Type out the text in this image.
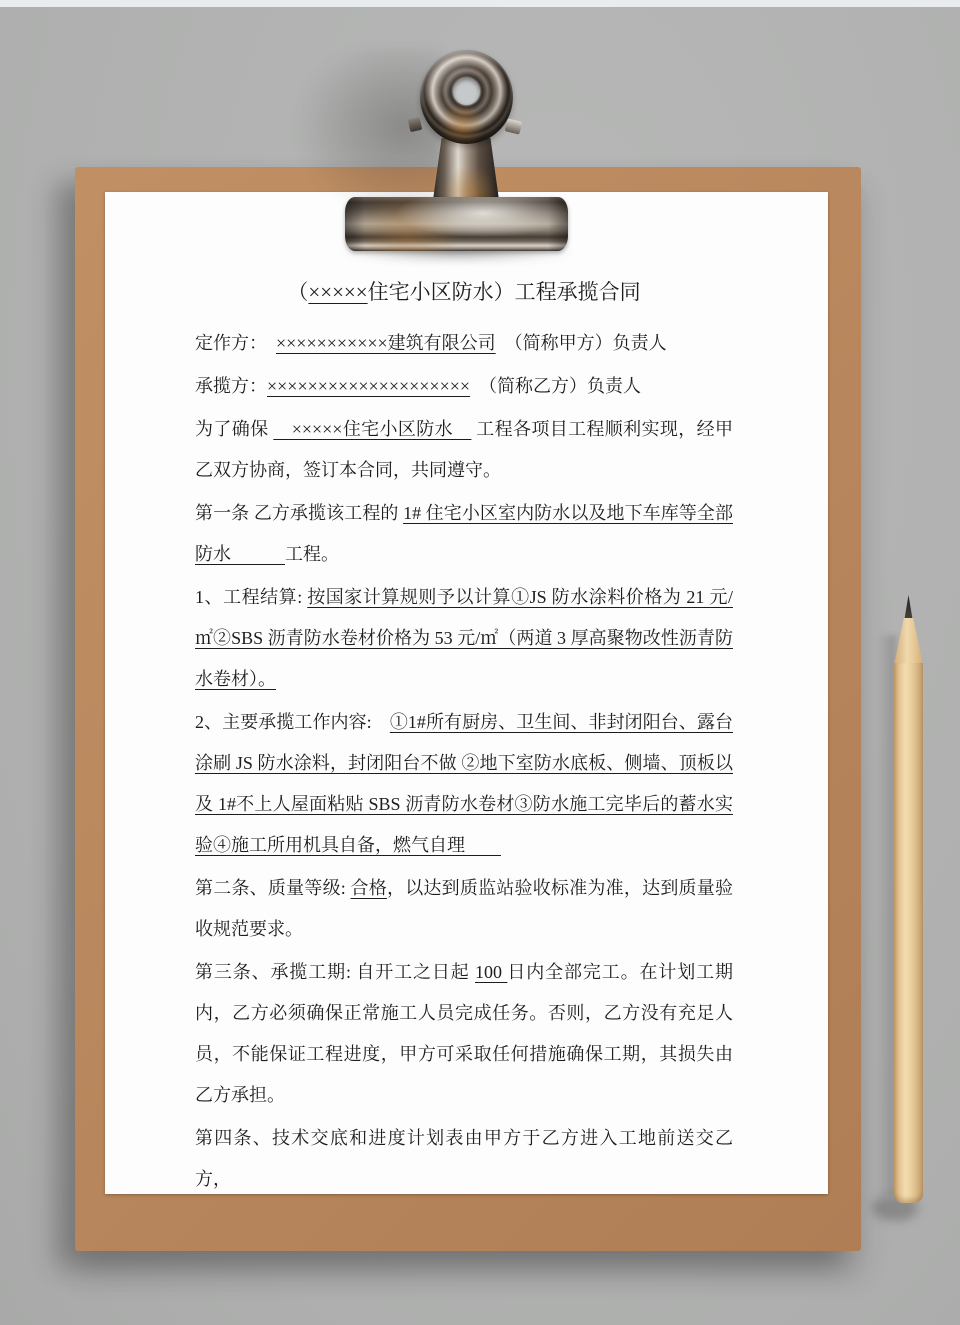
（×××××住宅小区防水）工程承揽合同

定作方：　×××××××××××建筑有限公司　（简称甲方）负责人

承揽方：××××××××××××××××××××　（简称乙方）负责人

为了确保 　×××××住宅小区防水　 工程各项目工程顺利实现，经甲乙双方协商，签订本合同，共同遵守。

第一条 乙方承揽该工程的 1# 住宅小区室内防水以及地下车库等全部防水　　　工程。

1、工程结算: 按国家计算规则予以计算①JS 防水涂料价格为 21 元/㎡②SBS 沥青防水卷材价格为 53 元/㎡（两道 3 厚高聚物改性沥青防水卷材）。

2、主要承揽工作内容:　①1#所有厨房、卫生间、非封闭阳台、露台涂刷 JS 防水涂料，封闭阳台不做 ②地下室防水底板、侧墙、顶板以及 1#不上人屋面粘贴 SBS 沥青防水卷材③防水施工完毕后的蓄水实验④施工所用机具自备，燃气自理　　

第二条、质量等级: 合格，以达到质监站验收标准为准，达到质量验收规范要求。

第三条、承揽工期: 自开工之日起 100 日内全部完工。在计划工期内，乙方必须确保正常施工人员完成任务。否则，乙方没有充足人员，不能保证工程进度，甲方可采取任何措施确保工期，其损失由乙方承担。

第四条、技术交底和进度计划表由甲方于乙方进入工地前送交乙方，
